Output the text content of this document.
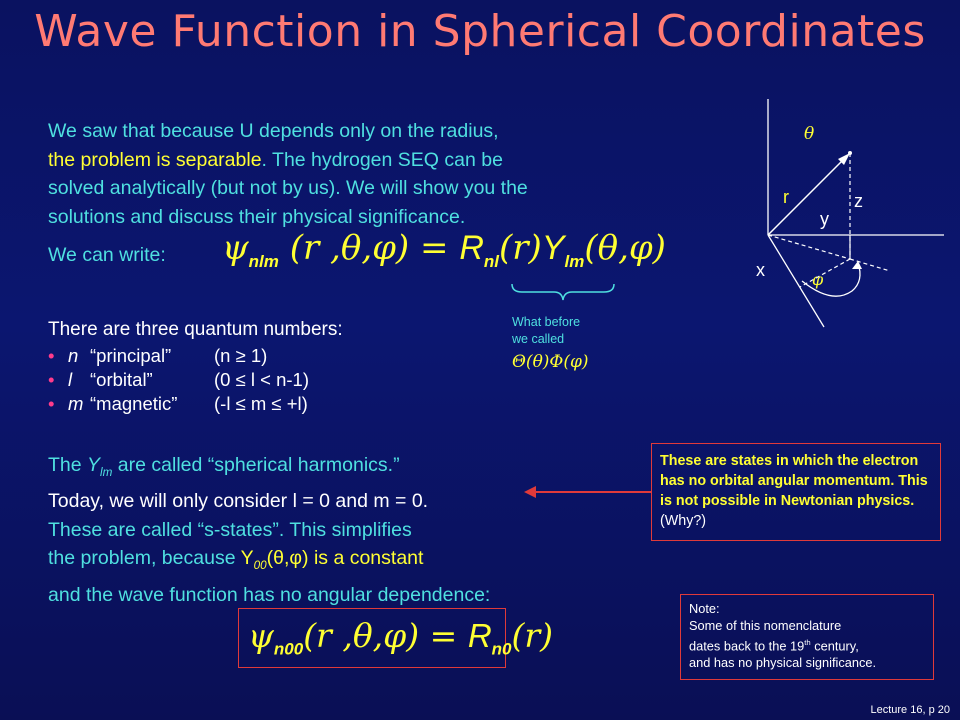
Wave Function in Spherical Coordinates
We saw that because U depends only on the radius,
the problem is separable. The hydrogen SEQ can be
solved analytically (but not by us). We will show you the
solutions and discuss their physical significance.
We can write: $\psi_{nlm}$ (r $,\theta,\varphi) = R_{nl}(r)Y_{lm}(\theta,\varphi)$
What before
we called
Θ(θ)Φ(φ)
There are three quantum numbers:
• n “principal” (n ≥ 1)
• l “orbital”	(0 ≤ l < n-1)
• m “magnetic” (-l ≤ m ≤ +l)
The $Y_{lm}$ are called “spherical harmonics.”
Today, we will only consider l = 0 and m = 0.
These are called “s-states”. This simplifies
the problem, because $Y_{00}(\theta,\varphi)$ is a constant
and the wave function has no angular dependence:
$\psi_{n00}(r$ $,\theta,\varphi) = R_{n0}(r)$
These are states in which the electron has no orbital angular momentum. This is not possible in Newtonian physics. (Why?)
Note:
Some of this nomenclature
dates back to the 19th century,
and has no physical significance.
θ
φ
r	z
y
x
Lecture 16, p 20
